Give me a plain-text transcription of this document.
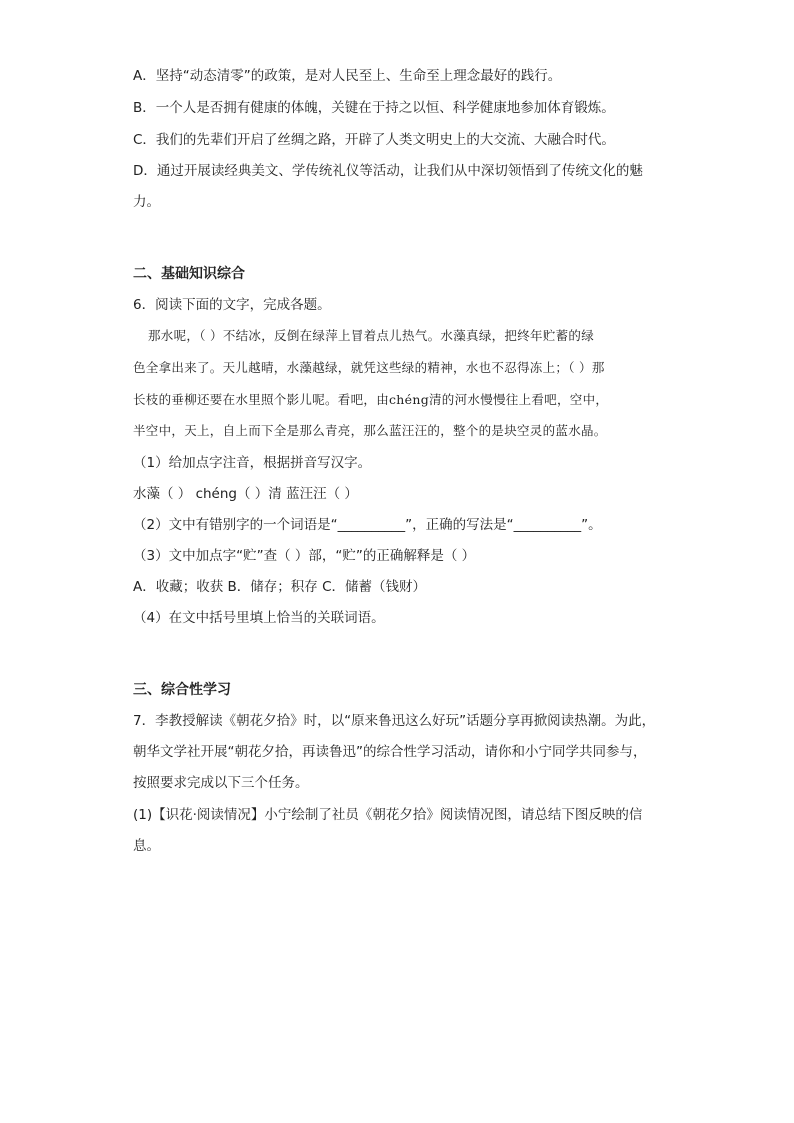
A．坚持“动态清零”的政策，是对人民至上、生命至上理念最好的践行。
B．一个人是否拥有健康的体魄，关键在于持之以恒、科学健康地参加体育锻炼。
C．我们的先辈们开启了丝绸之路，开辟了人类文明史上的大交流、大融合时代。
D．通过开展读经典美文、学传统礼仪等活动，让我们从中深切领悟到了传统文化的魅
力。
二、基础知识综合
6．阅读下面的文字，完成各题。
那水呢，（ ）不结冰，反倒在绿萍上冒着点儿热气。水藻真绿，把终年贮蓄的绿
色全拿出来了。天儿越晴，水藻越绿，就凭这些绿的精神，水也不忍得冻上；（ ）那
长枝的垂柳还要在水里照个影儿呢。看吧，由chéng清的河水慢慢往上看吧，空中，
半空中，天上，自上而下全是那么青亮，那么蓝汪汪的，整个的是块空灵的蓝水晶。
（1）给加点字注音，根据拼音写汉字。
水藻（ ） chéng（ ）清 蓝汪汪（ ）
（2）文中有错别字的一个词语是“__________”，正确的写法是“__________”。
（3）文中加点字“贮”查（ ）部，“贮”的正确解释是（ ）
A．收藏；收获 B．储存；积存 C．储蓄（钱财）
（4）在文中括号里填上恰当的关联词语。
三、综合性学习
7．李教授解读《朝花夕拾》时，以“原来鲁迅这么好玩”话题分享再掀阅读热潮。为此，
朝华文学社开展“朝花夕拾，再读鲁迅”的综合性学习活动，请你和小宁同学共同参与，
按照要求完成以下三个任务。
(1)【识花·阅读情况】小宁绘制了社员《朝花夕拾》阅读情况图，请总结下图反映的信
息。
